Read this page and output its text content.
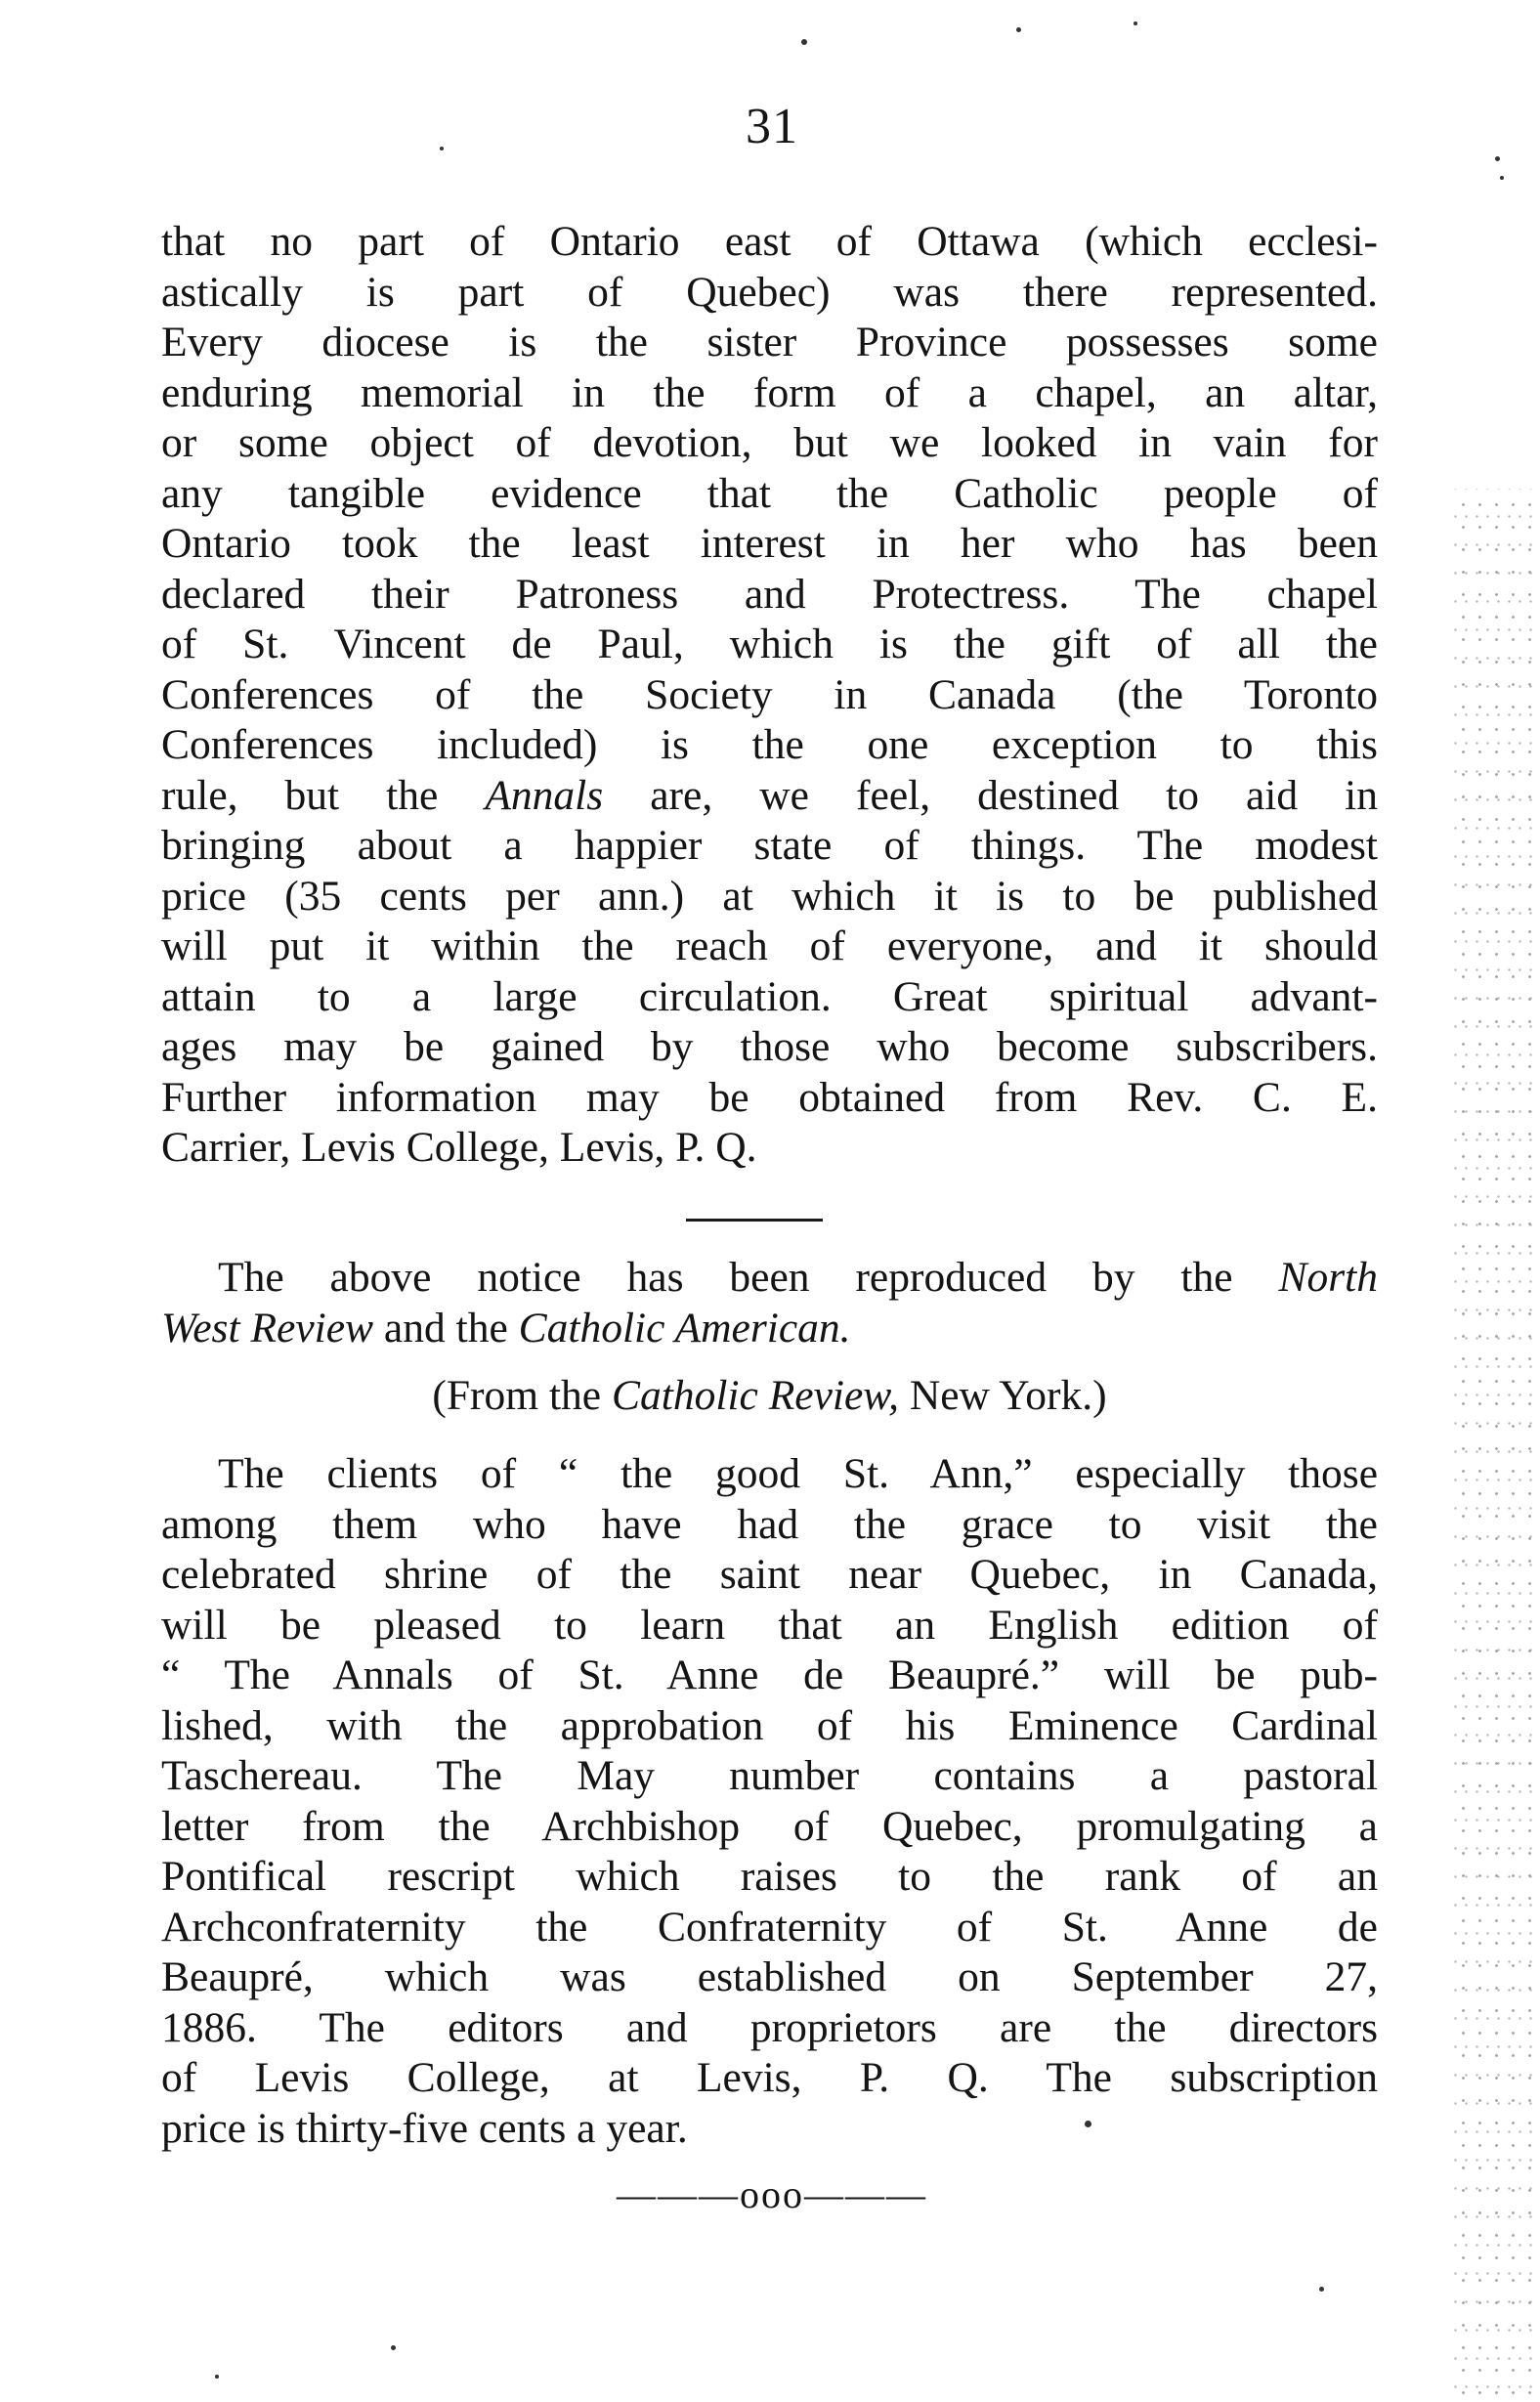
31
that no part of Ontario east of Ottawa (which ecclesi-
astically is part of Quebec) was there represented.
Every diocese is the sister Province possesses some
enduring memorial in the form of a chapel, an altar,
or some object of devotion, but we looked in vain for
any tangible evidence that the Catholic people of
Ontario took the least interest in her who has been
declared their Patroness and Protectress. The chapel
of St. Vincent de Paul, which is the gift of all the
Conferences of the Society in Canada (the Toronto
Conferences included) is the one exception to this
rule, but the Annals are, we feel, destined to aid in
bringing about a happier state of things. The modest
price (35 cents per ann.) at which it is to be published
will put it within the reach of everyone, and it should
attain to a large circulation. Great spiritual advant-
ages may be gained by those who become subscribers.
Further information may be obtained from Rev. C. E.
Carrier, Levis College, Levis, P. Q.
The above notice has been reproduced by the North
West Review and the Catholic American.
(From the Catholic Review, New York.)
The clients of “ the good St. Ann,” especially those
among them who have had the grace to visit the
celebrated shrine of the saint near Quebec, in Canada,
will be pleased to learn that an English edition of
“ The Annals of St. Anne de Beaupré.” will be pub-
lished, with the approbation of his Eminence Cardinal
Taschereau. The May number contains a pastoral
letter from the Archbishop of Quebec, promulgating a
Pontifical rescript which raises to the rank of an
Archconfraternity the Confraternity of St. Anne de
Beaupré, which was established on September 27,
1886. The editors and proprietors are the directors
of Levis College, at Levis, P. Q. The subscription
price is thirty-five cents a year.
———ooo———
